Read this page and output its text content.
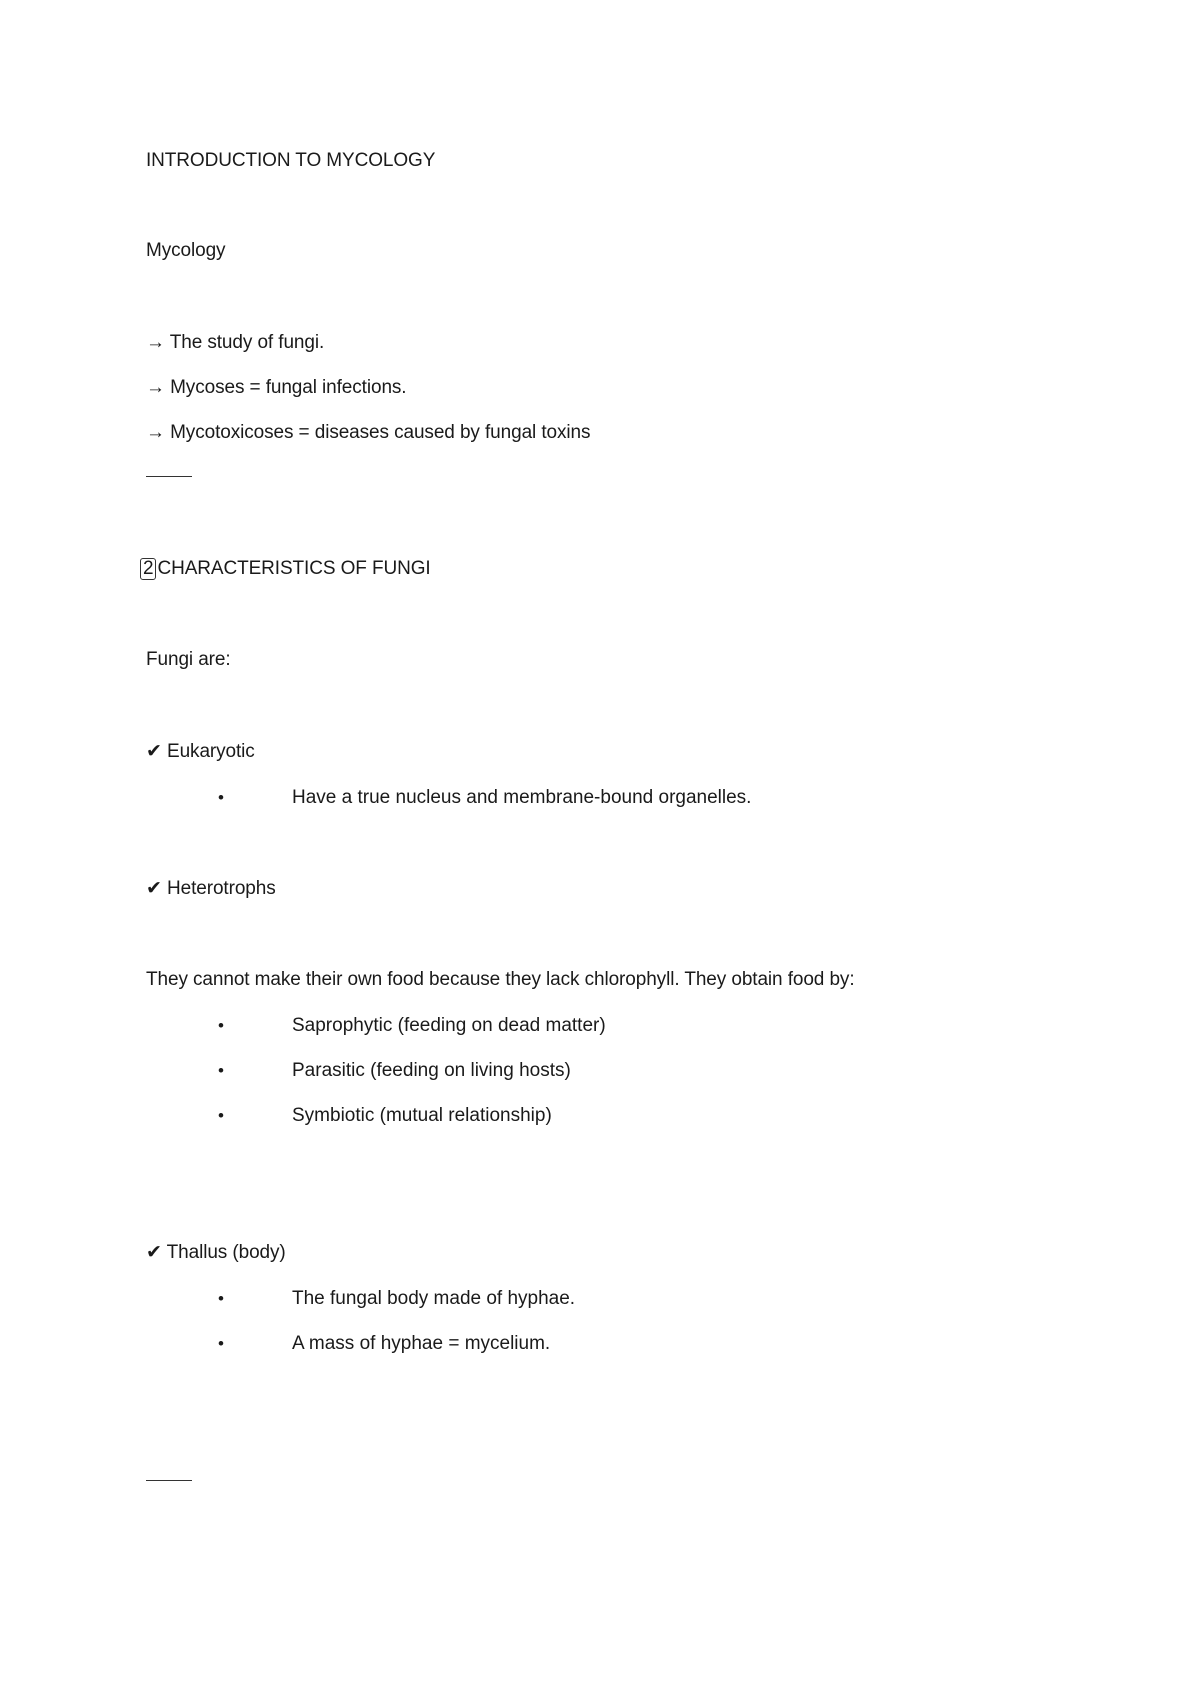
INTRODUCTION TO MYCOLOGY
Mycology
→ The study of fungi.
→ Mycoses = fungal infections.
→ Mycotoxicoses = diseases caused by fungal toxins
2 CHARACTERISTICS OF FUNGI
Fungi are:
✔ Eukaryotic
•	Have a true nucleus and membrane-bound organelles.
✔ Heterotrophs
They cannot make their own food because they lack chlorophyll. They obtain food by:
•	Saprophytic (feeding on dead matter)
•	Parasitic (feeding on living hosts)
•	Symbiotic (mutual relationship)
✔ Thallus (body)
•	The fungal body made of hyphae.
•	A mass of hyphae = mycelium.
